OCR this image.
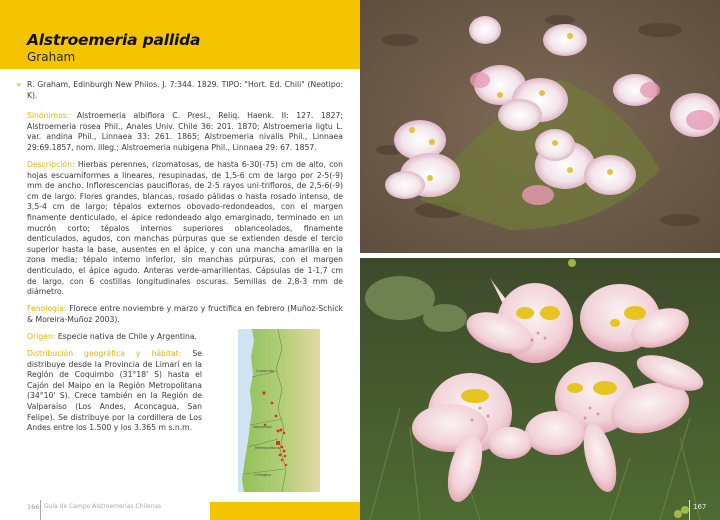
Alstroemeria pallida
Graham

» R. Graham, Edinburgh New Philos. J. 7:344. 1829. TIPO: "Hort. Ed. Chili" (Neotipo: K).

Sinónimos: Alstroemeria albiflora C. Presl., Reliq. Haenk. II: 127. 1827; Alstroemeria rosea Phil., Anales Univ. Chile 36: 201. 1870; Alstroemeria ligtu L. var. andina Phil., Linnaea 33: 261. 1865; Alstroemeria nivalis Phil., Linnaea 29:69.1857, nom. illeg.; Alstroemeria nubigena Phil., Linnaea 29: 67. 1857.

Descripción: Hierbas perennes, rizomatosas, de hasta 6-30(-75) cm de alto, con hojas escuamiformes a lineares, resupinadas, de 1,5-6 cm de largo por 2-5(-9) mm de ancho. Inflorescencias paucifloras, de 2-5 rayos uni-trifloros, de 2,5-6(-9) cm de largo. Flores grandes, blancas, rosado pálidas o hasta rosado intenso, de 3,5-4 cm de largo; tépalos externos obovado-redondeados, con el margen finamente denticulado, el ápice redondeado algo emarginado, terminado en un mucrón corto; tépalos internos superiores oblanceolados, finamente denticulados, agudos, con manchas púrpuras que se extienden desde el tercio superior hasta la base, ausentes en el ápice, y con una mancha amarilla en la zona media; tépalo interno inferior, sin manchas púrpuras, con el margen denticulado, el ápice agudo. Anteras verde-amarillentas. Cápsulas de 1-1,7 cm de largo, con 6 costillas longitudinales oscuras. Semillas de 2,8-3 mm de diámetro.

Fenología: Florece entre noviembre y marzo y fructifica en febrero (Muñoz-Schick & Moreira-Muñoz 2003).

Origen: Especie nativa de Chile y Argentina.

Distribución geográfica y hábitat: Se distribuye desde la Provincia de Limarí en la Región de Coquimbo (31°18' S) hasta el Cajón del Maipo en la Región Metropolitana (34°10' S). Crece también en la Región de Valparaíso (Los Andes, Aconcagua, San Felipe). Se distribuye por la cordillera de Los Andes entre los 1.500 y los 3.365 m s.n.m.

Coquimbo
Valparaíso
Metropolitana
O'Higgins
166 Guía de Campo Alstroemerias Chilenas	167
